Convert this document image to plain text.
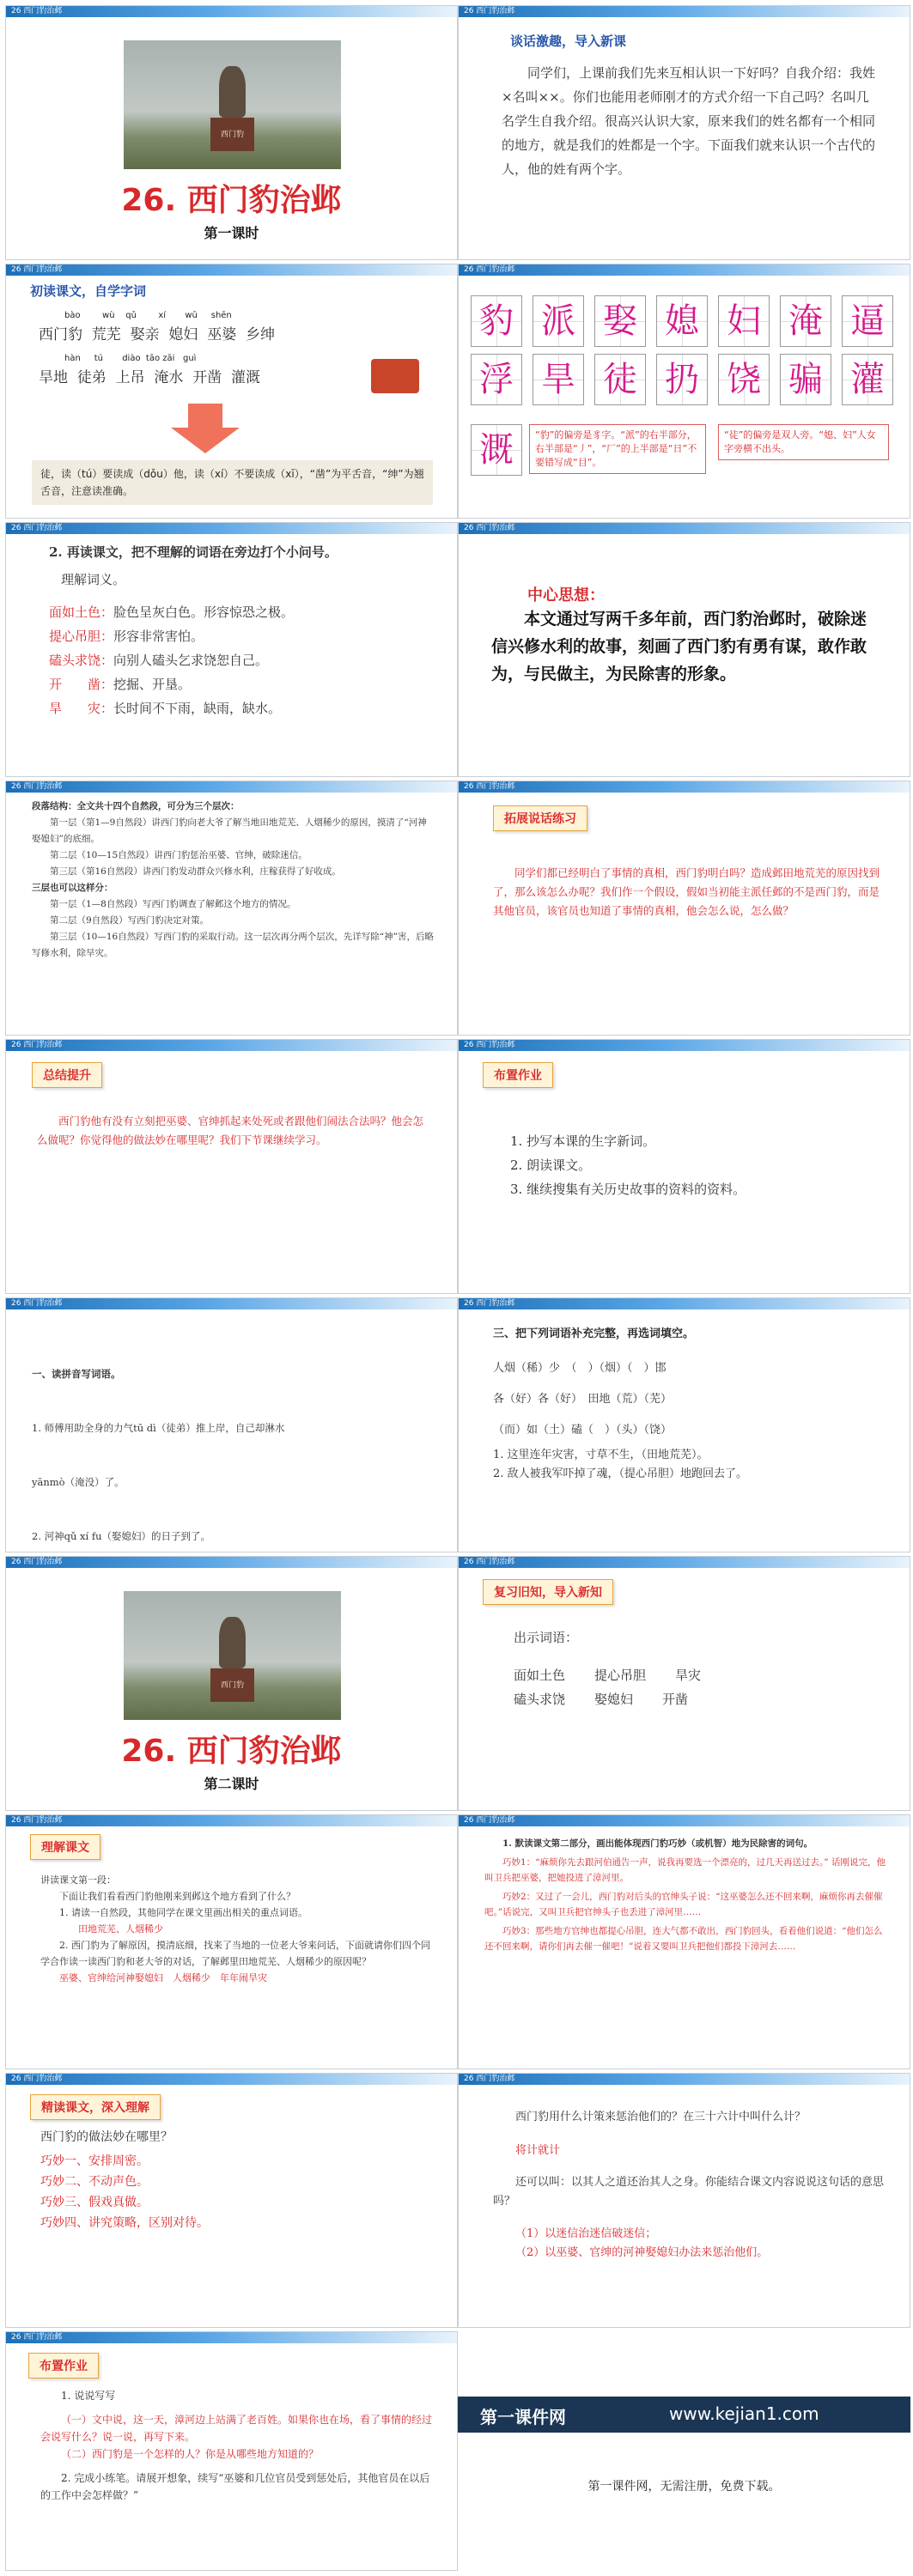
26 西门豹治邺
西门豹
26. 西门豹治邺
第一课时
26 西门豹治邺
谈话激趣，导入新课
同学们，上课前我们先来互相认识一下好吗？自我介绍：我姓×名叫××。你们也能用老师刚才的方式介绍一下自己吗？名叫几名学生自我介绍。很高兴认识大家，原来我们的姓名都有一个相同的地方，就是我们的姓都是一个字。下面我们就来认识一个古代的人，他的姓有两个字。
26 西门豹治邺
初读课文，自学字词
bào        wù    qǔ        xí       wū     shēn
西门豹  荒芜  娶亲  媳妇  巫婆  乡绅
hàn     tú       diào  tāo zāi   guì
旱地  徒弟  上吊  淹水  开凿  灌溉
徒，读（tú）要读成（dǒu）他，读（xí）不要读成（xī），“凿”为平舌音，“绅”为翘舌音，注意读准确。
26 西门豹治邺
豹 派 娶 媳 妇 淹 逼
浮 旱 徒 扔 饶 骗 灌
溉	“豹”的偏旁是豸字。“派”的右半部分，右半部是“丿”，“厂”的上半部是“日”不要错写成“目”。
“徒”的偏旁是双人旁。“媳、妇”人女字旁横不出头。
26 西门豹治邺
2. 再读课文，把不理解的词语在旁边打个小问号。
理解词义。
面如土色：脸色呈灰白色。形容惊恐之极。
提心吊胆：形容非常害怕。
磕头求饶：向别人磕头乞求饶恕自己。
开　　凿：挖掘、开垦。
旱　　灾：长时间不下雨，缺雨，缺水。
26 西门豹治邺
中心思想：
本文通过写两千多年前，西门豹治邺时，破除迷信兴修水利的故事，刻画了西门豹有勇有谋，敢作敢为，与民做主，为民除害的形象。
26 西门豹治邺
段落结构：全文共十四个自然段，可分为三个层次：
第一层（第1—9自然段）讲西门豹向老大爷了解当地田地荒芜、人烟稀少的原因，摸清了“河神娶媳妇”的底细。
第二层（10—15自然段）讲西门豹惩治巫婆、官绅，破除迷信。
第三层（第16自然段）讲西门豹发动群众兴修水利，庄稼获得了好收成。
三层也可以这样分：
第一层（1—8自然段）写西门豹调查了解邺这个地方的情况。
第二层（9自然段）写西门豹决定对策。
第三层（10—16自然段）写西门豹的采取行动。这一层次再分两个层次，先详写除“神”害，后略写修水利，除旱灾。
26 西门豹治邺
拓展说话练习
同学们都已经明白了事情的真相，西门豹明白吗？造成邺田地荒芜的原因找到了，那么该怎么办呢？我们作一个假设，假如当初能主派任邺的不是西门豹，而是其他官员，该官员也知道了事情的真相，他会怎么说，怎么做？
26 西门豹治邺
总结提升
西门豹他有没有立刻把巫婆、官绅抓起来处死或者跟他们闹法合法吗？他会怎么做呢？你觉得他的做法妙在哪里呢？我们下节课继续学习。
26 西门豹治邺
布置作业
1. 抄写本课的生字新词。
2. 朗读课文。
3. 继续搜集有关历史故事的资料的资料。
26 西门豹治邺

一、读拼音写词语。

1. 师傅用助全身的力气tū dì（徒弟）推上岸，自己却淋水

yānmò（淹没）了。

2. 河神qǔ xí fu（娶媳妇）的日子到了。

26 西门豹治邺
三、把下列词语补充完整，再选词填空。
人烟（稀）少　（　）（烟）（　）邯
各（好）各（好）　田地（荒）（芜）
（而）如（土）磕（　）（头）（饶）
1. 这里连年灾害，寸草不生，（田地荒芜）。
2. 敌人被我军吓掉了魂，（提心吊胆）地跑回去了。
26 西门豹治邺
西门豹
26. 西门豹治邺
第二课时
26 西门豹治邺
复习旧知，导入新知
出示词语：
面如土色 提心吊胆 旱灾
磕头求饶 娶媳妇 开凿
26 西门豹治邺
理解课文
讲读课文第一段：
下面让我们看看西门豹他刚来到邺这个地方看到了什么？
1. 请读一自然段，其他同学在课文里画出相关的重点词语。
田地荒芜、人烟稀少
2. 西门豹为了解原因，摸清底细，找来了当地的一位老大爷来问话，下面就请你们四个同学合作读一读西门豹和老大爷的对话，了解邺里田地荒芜、人烟稀少的原因呢？
巫婆、官绅给河神娶媳妇　人烟稀少　年年闹旱灾
26 西门豹治邺
1. 默读课文第二部分，画出能体现西门豹巧妙（或机智）地为民除害的词句。
巧妙1：“麻烦你先去跟河伯通告一声，说我再要选一个漂亮的，过几天再送过去。” 话刚说完，他叫卫兵把巫婆，把她投进了漳河里。
巧妙2：又过了一会儿，西门豹对后头的官绅头子说：“这巫婆怎么还不回来啊，麻烦你再去催催吧。”话说完，又叫卫兵把官绅头子也丢进了漳河里……
巧妙3：那些地方官绅也都提心吊胆，连大气都不敢出，西门豹回头，看着他们说道：“他们怎么还不回来啊，请你们再去催一催吧！”说着又要叫卫兵把他们都投下漳河去……
26 西门豹治邺
精读课文，深入理解
西门豹的做法妙在哪里？
巧妙一、安排周密。
巧妙二、不动声色。
巧妙三、假戏真做。
巧妙四、讲究策略，区别对待。
26 西门豹治邺
西门豹用什么计策来惩治他们的？在三十六计中叫什么计？
将计就计
还可以叫：以其人之道还治其人之身。你能结合课文内容说说这句话的意思吗？
（1）以迷信治迷信破迷信；
（2）以巫婆、官绅的河神娶媳妇办法来惩治他们。
26 西门豹治邺
布置作业
1. 说说写写
（一）文中说，这一天，漳河边上站满了老百姓。如果你也在场，看了事情的经过会说写什么？说一说，再写下来。
（二）西门豹是一个怎样的人？你是从哪些地方知道的？
2. 完成小练笔。请展开想象，续写“巫婆和几位官员受到惩处后，其他官员在以后的工作中会怎样做？”
第一课件网	www.kejian1.com
第一课件网，无需注册，免费下载。
